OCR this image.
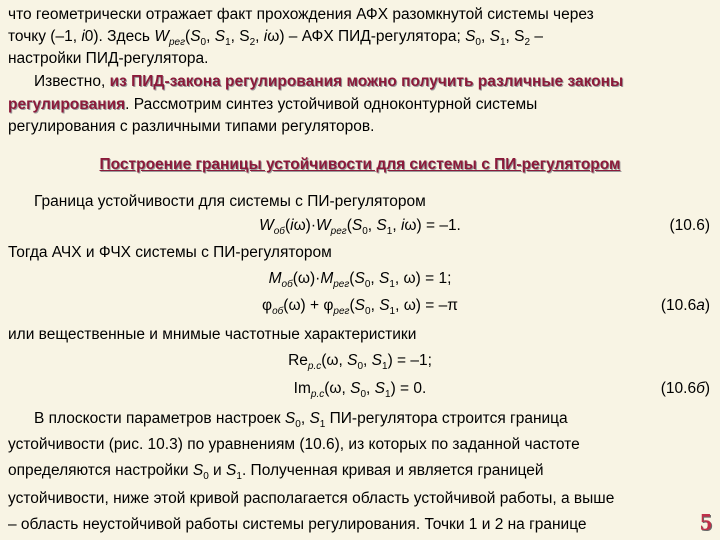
что геометрически отражает факт прохождения АФХ разомкнутой системы через
точку (–1, i0). Здесь $W_{рег}(S_0$, $S_1$, $S_2$, iω) – АФХ ПИД-регулятора; $S_0$, $S_1$, $S_2$ –
настройки ПИД-регулятора.
Известно, из ПИД-закона регулирования можно получить различные законы
регулирования. Рассмотрим синтез устойчивой одноконтурной системы
регулирования с различными типами регуляторов.
Построение границы устойчивости для системы с ПИ-регулятором
Граница устойчивости для системы с ПИ-регулятором
$W_{об}(i\omega)\cdot W_{рег}(S_0$, $S_1$, iω) = –1.	(10.6)
Тогда АЧХ и ФЧХ системы с ПИ-регулятором
$M_{об}(\omega)\cdot M_{рег}(S_0$, $S_1$, ω) = 1;
$\varphi_{об}(\omega) + \varphi_{рег}(S_0$, $S_1$, ω) = –π	(10.6а)
или вещественные и мнимые частотные характеристики
$Re_{р.с}(\omega$, $S_0$, $S_1) = -1$;
$Im_{р.с}(\omega$, $S_0$, $S_1) = 0$.	(10.6б)
В плоскости параметров настроек $S_0$, $S_1$ ПИ-регулятора строится граница
устойчивости (рис. 10.3) по уравнениям (10.6), из которых по заданной частоте
определяются настройки $S_0$ и $S_1$. Полученная кривая и является границей
устойчивости, ниже этой кривой располагается область устойчивой работы, а выше
– область неустойчивой работы системы регулирования. Точки 1 и 2 на границе	5
